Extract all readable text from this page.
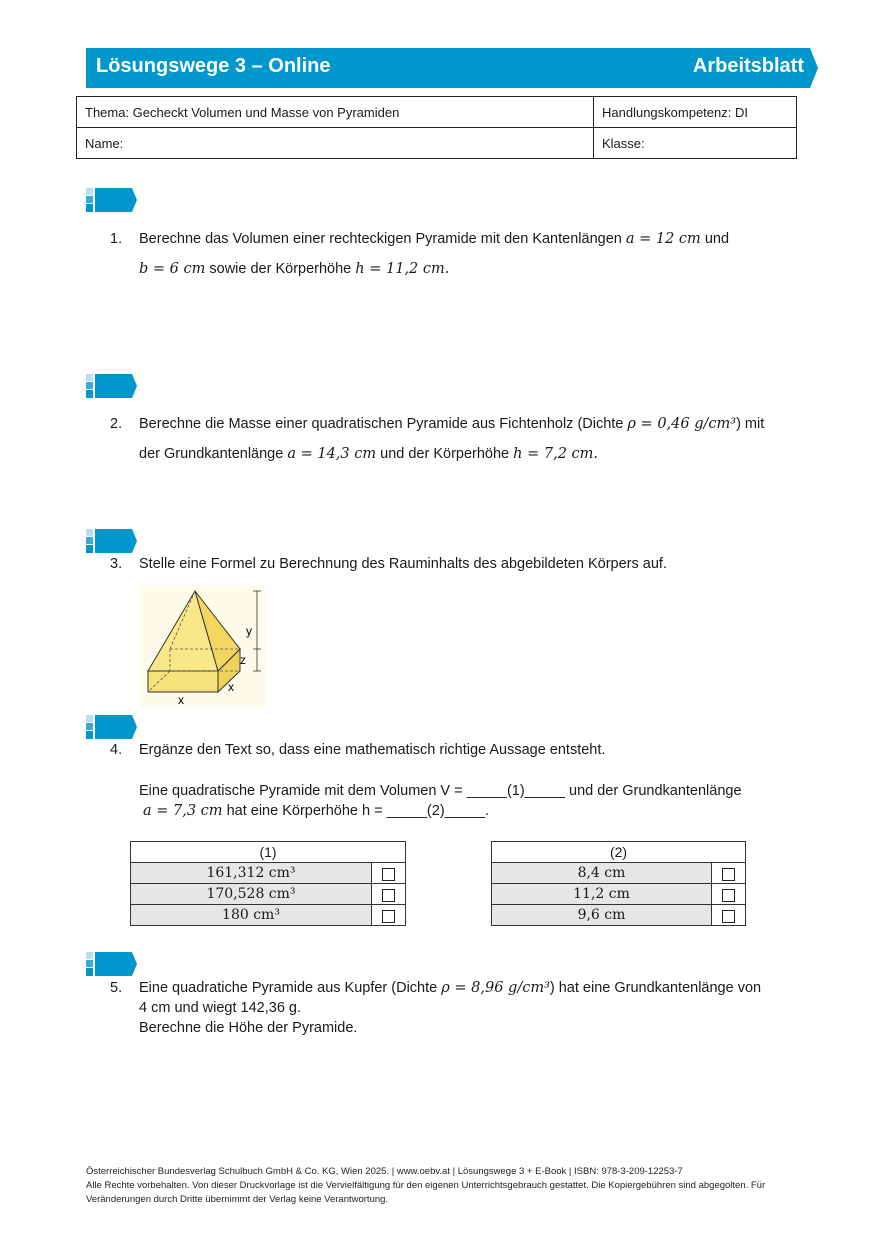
Lösungswege 3 – Online	Arbeitsblatt
Thema: Gecheckt Volumen und Masse von Pyramiden	Handlungskompetenz: DI
Name:	Klasse:
1.	Berechne das Volumen einer rechteckigen Pyramide mit den Kantenlängen a = 12 cm und
b = 6 cm sowie der Körperhöhe h = 11,2 cm.
2.	Berechne die Masse einer quadratischen Pyramide aus Fichtenholz (Dichte ρ = 0,46 g/cm³) mit
der Grundkantenlänge a = 14,3 cm und der Körperhöhe h = 7,2 cm.
3.	Stelle eine Formel zu Berechnung des Rauminhalts des abgebildeten Körpers auf.
y
z
x
x
4.	Ergänze den Text so, dass eine mathematisch richtige Aussage entsteht.
Eine quadratische Pyramide mit dem Volumen V = _____(1)_____ und der Grundkantenlänge
a = 7,3 cm hat eine Körperhöhe h = _____(2)_____.
(1)	
161,312 cm³	
170,528 cm³	
180 cm³	
(2)	
8,4 cm	
11,2 cm	
9,6 cm	
5.	Eine quadratiche Pyramide aus Kupfer (Dichte ρ = 8,96 g/cm³) hat eine Grundkantenlänge von
4 cm und wiegt 142,36 g.
Berechne die Höhe der Pyramide.
Österreichischer Bundesverlag Schulbuch GmbH & Co. KG, Wien 2025. | www.oebv.at | Lösungswege 3 + E-Book | ISBN: 978-3-209-12253-7
Alle Rechte vorbehalten. Von dieser Druckvorlage ist die Vervielfältigung für den eigenen Unterrichtsgebrauch gestattet. Die Kopiergebühren sind abgegolten. Für
Veränderungen durch Dritte übernimmt der Verlag keine Verantwortung.
